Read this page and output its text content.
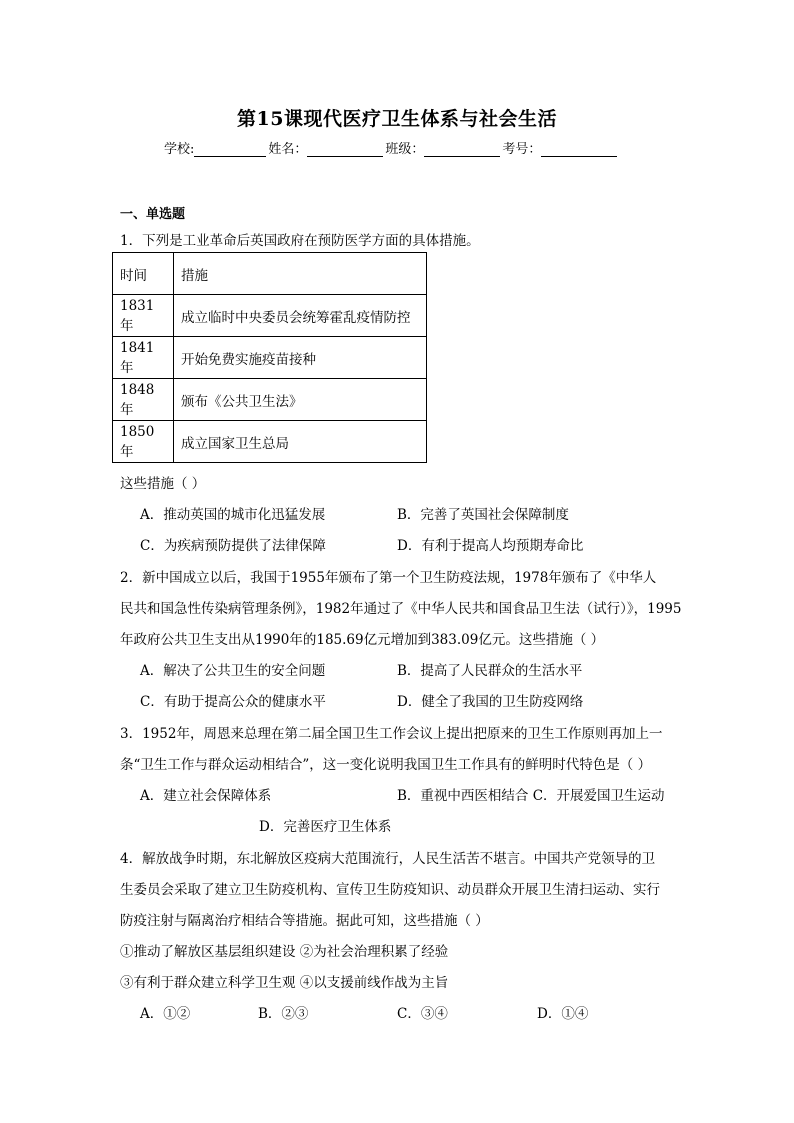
第15课现代医疗卫生体系与社会生活
学校:	姓名：	班级：	考号：
一、单选题
1．下列是工业革命后英国政府在预防医学方面的具体措施。
时间	措施
1831年	成立临时中央委员会统筹霍乱疫情防控
1841年	开始免费实施疫苗接种
1848年	颁布《公共卫生法》
1850年	成立国家卫生总局
这些措施（ ）
A．推动英国的城市化迅猛发展	B．完善了英国社会保障制度
C．为疾病预防提供了法律保障	D．有利于提高人均预期寿命比
2．新中国成立以后，我国于1955年颁布了第一个卫生防疫法规，1978年颁布了《中华人
民共和国急性传染病管理条例》，1982年通过了《中华人民共和国食品卫生法（试行）》，1995
年政府公共卫生支出从1990年的185.69亿元增加到383.09亿元。这些措施（ ）
A．解决了公共卫生的安全问题	B．提高了人民群众的生活水平
C．有助于提高公众的健康水平	D．健全了我国的卫生防疫网络
3．1952年，周恩来总理在第二届全国卫生工作会议上提出把原来的卫生工作原则再加上一
条“卫生工作与群众运动相结合”，这一变化说明我国卫生工作具有的鲜明时代特色是（ ）
A．建立社会保障体系	B．重视中西医相结合 C．开展爱国卫生运动
D．完善医疗卫生体系
4．解放战争时期，东北解放区疫病大范围流行，人民生活苦不堪言。中国共产党领导的卫
生委员会采取了建立卫生防疫机构、宣传卫生防疫知识、动员群众开展卫生清扫运动、实行
防疫注射与隔离治疗相结合等措施。据此可知，这些措施（ ）
①推动了解放区基层组织建设 ②为社会治理积累了经验
③有利于群众建立科学卫生观 ④以支援前线作战为主旨
A．①②	B．②③	C．③④	D．①④
